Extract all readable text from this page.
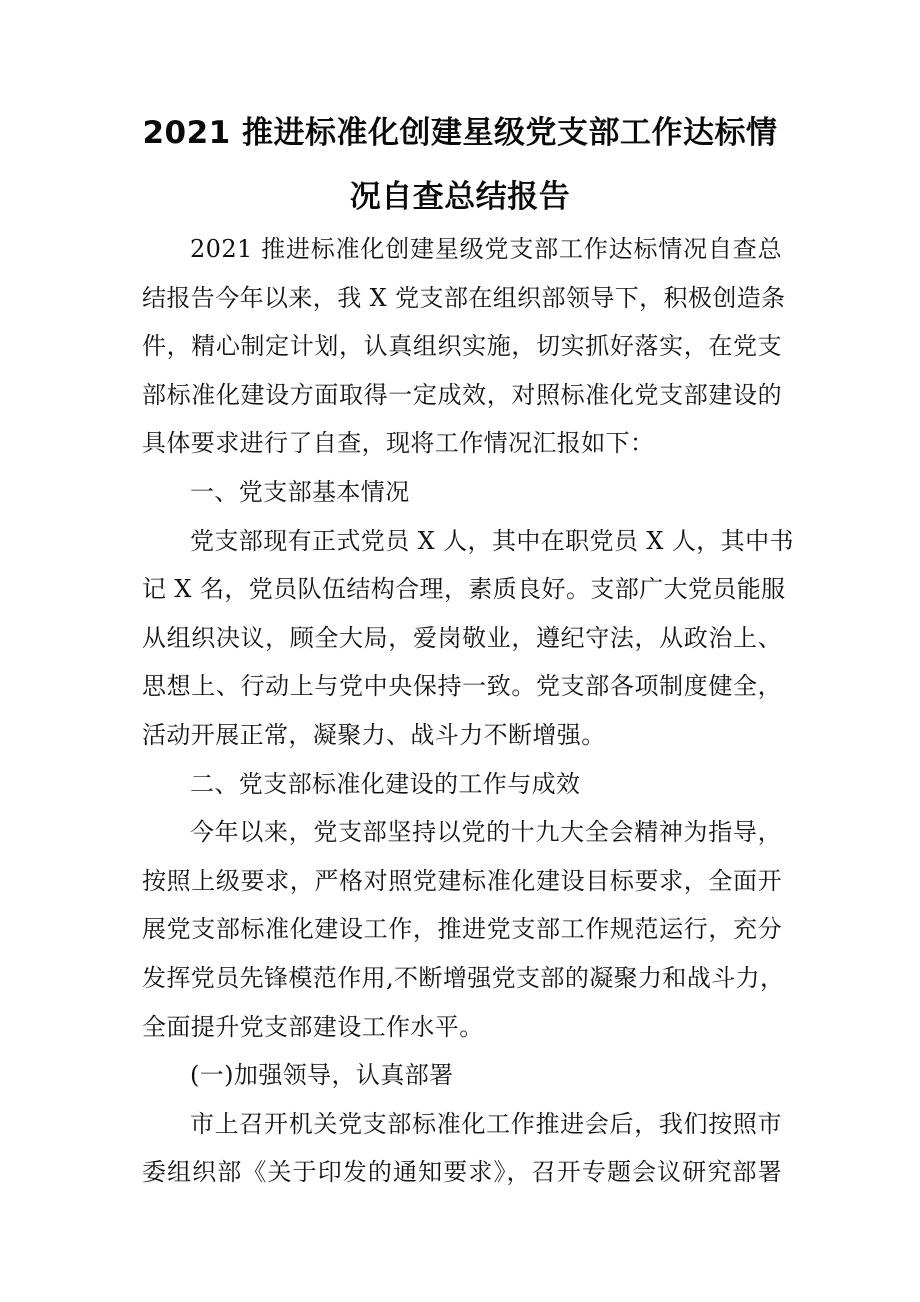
2021 推进标准化创建星级党支部工作达标情
况自查总结报告
2021 推进标准化创建星级党支部工作达标情况自查总
结报告今年以来，我 X 党支部在组织部领导下，积极创造条
件，精心制定计划，认真组织实施，切实抓好落实，在党支
部标准化建设方面取得一定成效，对照标准化党支部建设的
具体要求进行了自查，现将工作情况汇报如下：
一、党支部基本情况
党支部现有正式党员 X 人，其中在职党员 X 人，其中书
记 X 名，党员队伍结构合理，素质良好。支部广大党员能服
从组织决议，顾全大局，爱岗敬业，遵纪守法，从政治上、
思想上、行动上与党中央保持一致。党支部各项制度健全，
活动开展正常，凝聚力、战斗力不断增强。
二、党支部标准化建设的工作与成效
今年以来，党支部坚持以党的十九大全会精神为指导，
按照上级要求，严格对照党建标准化建设目标要求，全面开
展党支部标准化建设工作，推进党支部工作规范运行，充分
发挥党员先锋模范作用,不断增强党支部的凝聚力和战斗力，
全面提升党支部建设工作水平。
(一)加强领导，认真部署
市上召开机关党支部标准化工作推进会后，我们按照市
委组织部《关于印发的通知要求》，召开专题会议研究部署
